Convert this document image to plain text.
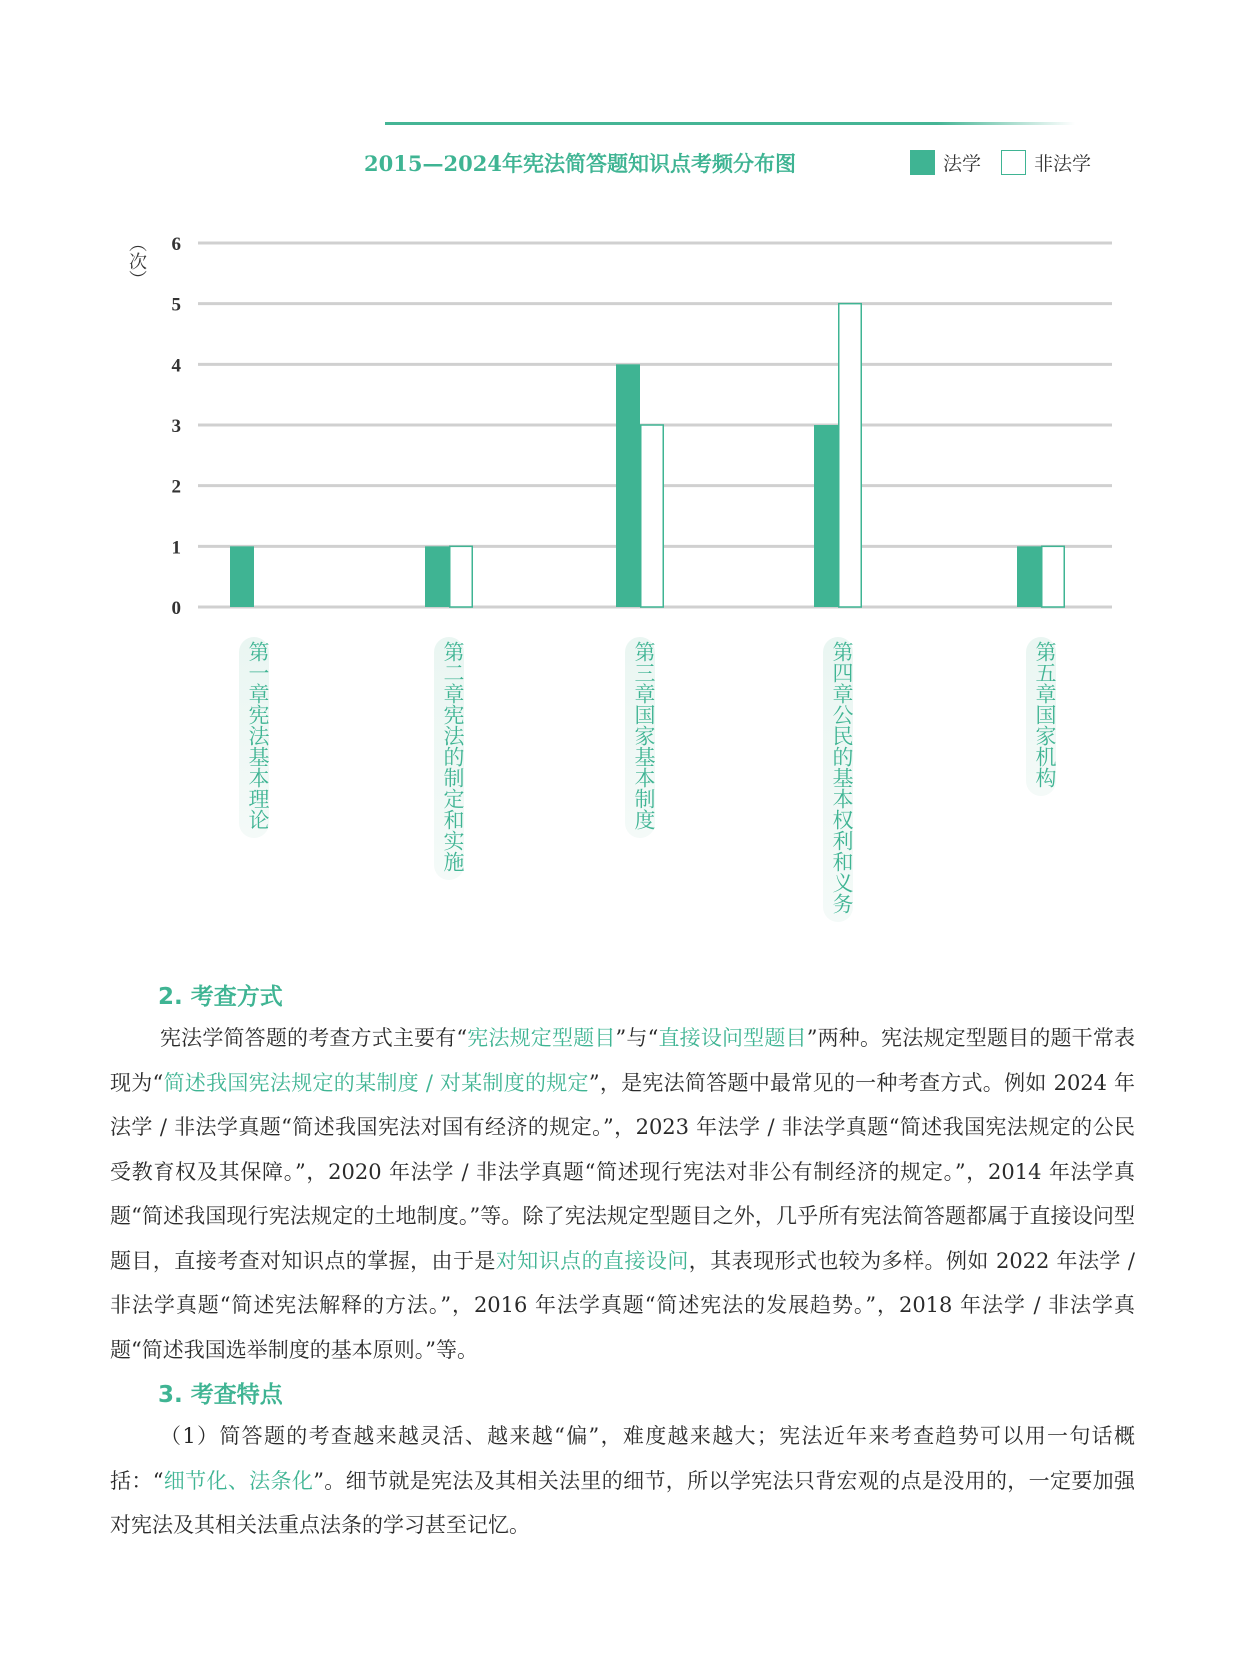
2015—2024年宪法简答题知识点考频分布图	法学	非法学
（次）
0
1
2
3
4
5
6
第一章宪法基本理论	第二章宪法的制定和实施	第三章国家基本制度	第四章公民的基本权利和义务	第五章国家机构
2. 考查方式
宪法学简答题的考查方式主要有“宪法规定型题目”与“直接设问型题目”两种。宪法规定型题目的题干常表现为“简述我国宪法规定的某制度 / 对某制度的规定”，是宪法简答题中最常见的一种考查方式。例如 2024 年法学 / 非法学真题“简述我国宪法对国有经济的规定。”，2023 年法学 / 非法学真题“简述我国宪法规定的公民受教育权及其保障。”，2020 年法学 / 非法学真题“简述现行宪法对非公有制经济的规定。”，2014 年法学真题“简述我国现行宪法规定的土地制度。”等。除了宪法规定型题目之外，几乎所有宪法简答题都属于直接设问型题目，直接考查对知识点的掌握，由于是对知识点的直接设问，其表现形式也较为多样。例如 2022 年法学 / 非法学真题“简述宪法解释的方法。”，2016 年法学真题“简述宪法的发展趋势。”，2018 年法学 / 非法学真题“简述我国选举制度的基本原则。”等。
3. 考查特点
（1）简答题的考查越来越灵活、越来越“偏”，难度越来越大；宪法近年来考查趋势可以用一句话概括：“细节化、法条化”。细节就是宪法及其相关法里的细节，所以学宪法只背宏观的点是没用的，一定要加强对宪法及其相关法重点法条的学习甚至记忆。
